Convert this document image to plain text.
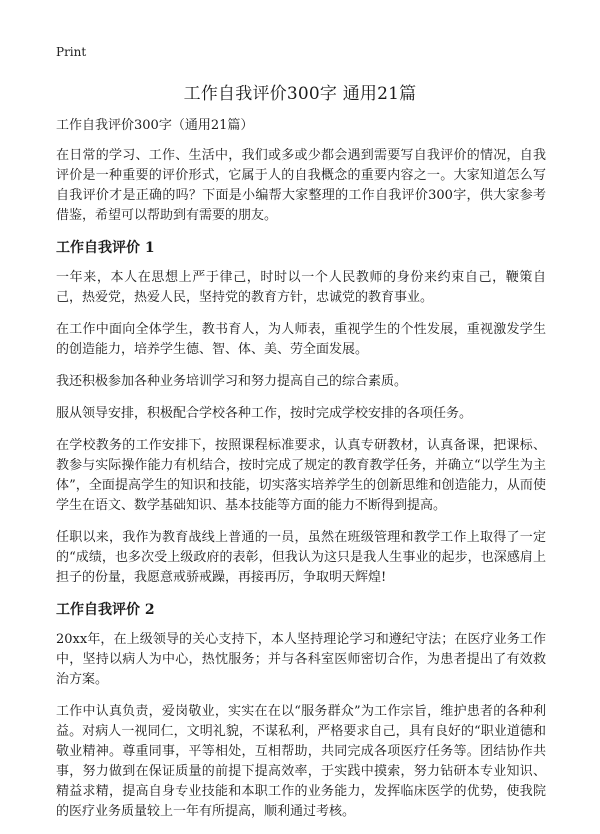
Print
工作自我评价300字 通用21篇
工作自我评价300字（通用21篇）

在日常的学习、工作、生活中，我们或多或少都会遇到需要写自我评价的情况，自我评价是一种重要的评价形式，它属于人的自我概念的重要内容之一。大家知道怎么写自我评价才是正确的吗？下面是小编帮大家整理的工作自我评价300字，供大家参考借鉴，希望可以帮助到有需要的朋友。

工作自我评价 1

一年来，本人在思想上严于律己，时时以一个人民教师的身份来约束自己，鞭策自己，热爱党，热爱人民，坚持党的教育方针，忠诚党的教育事业。

在工作中面向全体学生，教书育人，为人师表，重视学生的个性发展，重视激发学生的创造能力，培养学生德、智、体、美、劳全面发展。

我还积极参加各种业务培训学习和努力提高自己的综合素质。

服从领导安排，积极配合学校各种工作，按时完成学校安排的各项任务。

在学校教务的工作安排下，按照课程标准要求，认真专研教材，认真备课，把课标、教参与实际操作能力有机结合，按时完成了规定的教育教学任务，并确立“以学生为主体”，全面提高学生的知识和技能，切实落实培养学生的创新思维和创造能力，从而使学生在语文、数学基础知识、基本技能等方面的能力不断得到提高。

任职以来，我作为教育战线上普通的一员，虽然在班级管理和教学工作上取得了一定的“成绩，也多次受上级政府的表彰，但我认为这只是我人生事业的起步，也深感肩上担子的份量，我愿意戒骄戒躁，再接再厉，争取明天辉煌!

工作自我评价 2

20xx年，在上级领导的关心支持下，本人坚持理论学习和遵纪守法；在医疗业务工作中，坚持以病人为中心，热忱服务；并与各科室医师密切合作，为患者提出了有效救治方案。

工作中认真负责，爱岗敬业，实实在在以“服务群众”为工作宗旨，维护患者的各种利益。对病人一视同仁，文明礼貌，不谋私利，严格要求自己，具有良好的“职业道德和敬业精神。尊重同事，平等相处，互相帮助，共同完成各项医疗任务等。团结协作共事，努力做到在保证质量的前提下提高效率，于实践中摸索，努力钻研本专业知识、精益求精，提高自身专业技能和本职工作的业务能力，发挥临床医学的优势，使我院的医疗业务质量较上一年有所提高，顺利通过考核。
